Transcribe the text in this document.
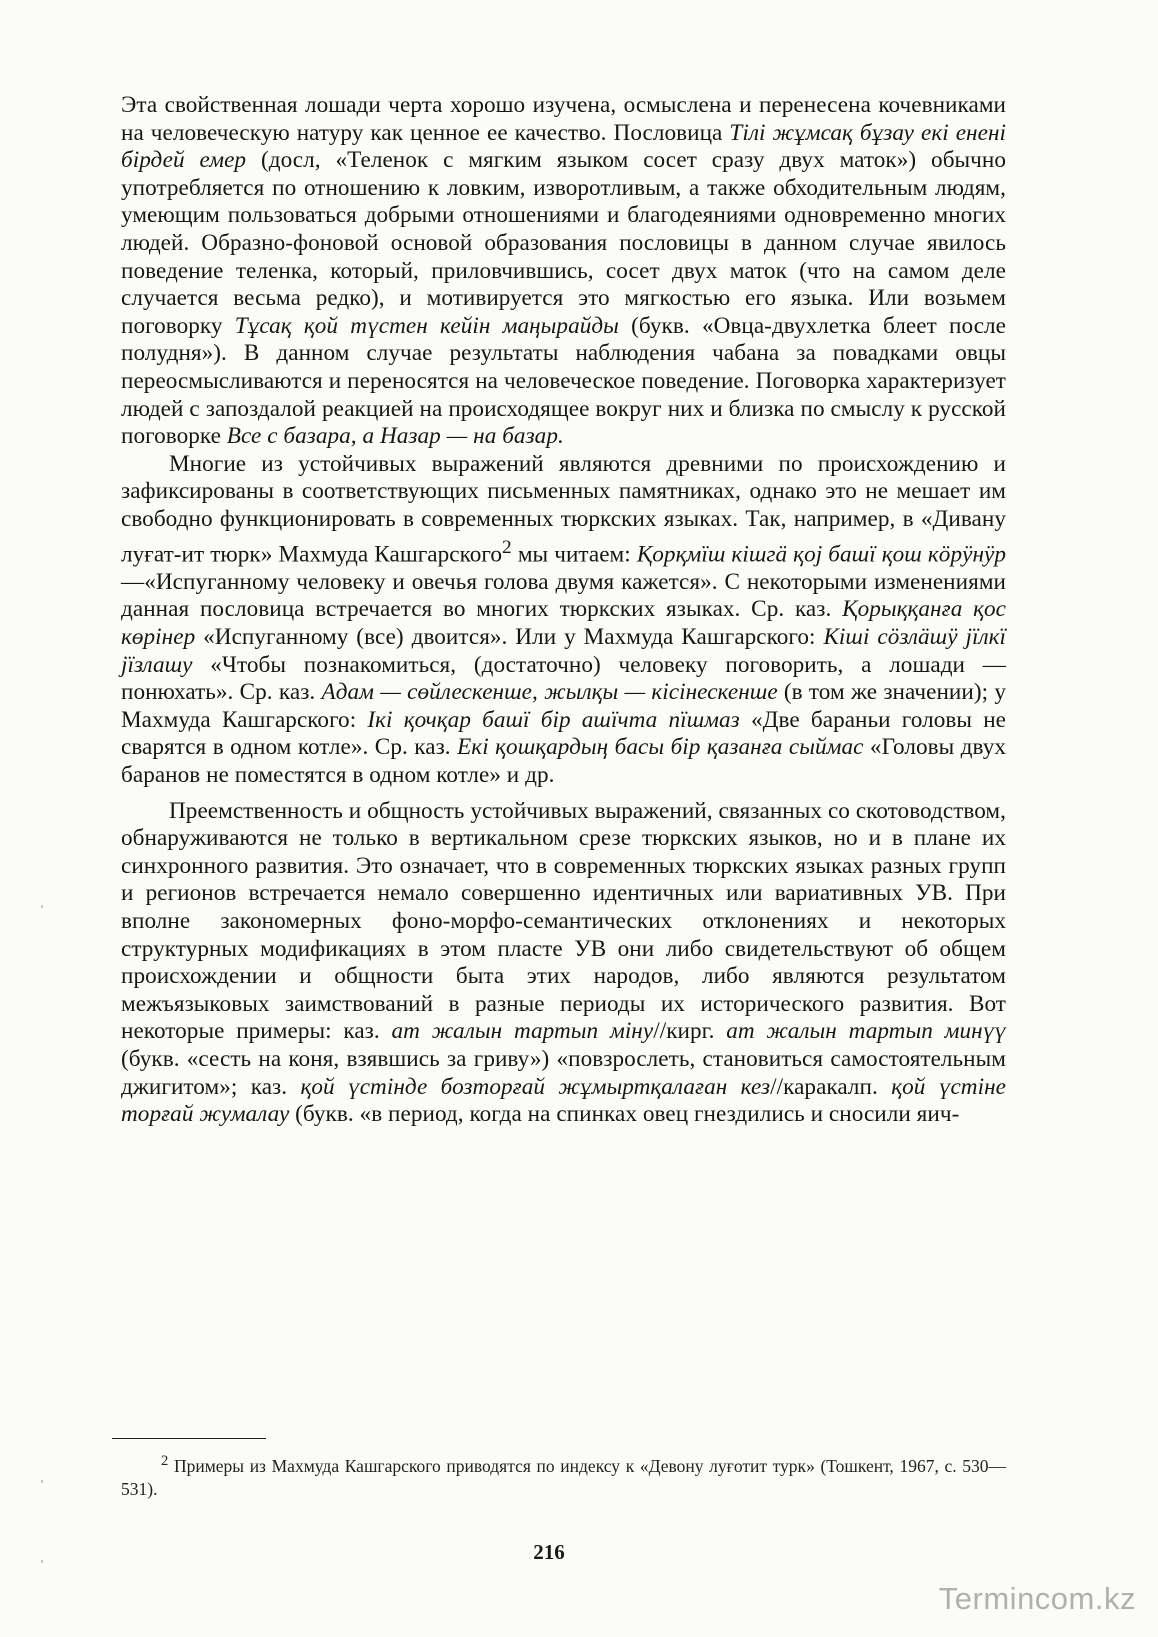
Эта свойственная лошади черта хорошо изучена, осмыслена и перенесена кочевниками на человеческую натуру как ценное ее качество. Пословица Тілі жұмсақ бұзау екі енені бірдей емер (досл, «Теленок с мягким языком сосет сразу двух маток») обычно употребляется по отношению к ловким, изворотливым, а также обходительным людям, умеющим пользоваться добрыми отношениями и благодеяниями одновременно многих людей. Образно-фоновой основой образования пословицы в данном случае явилось поведение теленка, который, приловчившись, сосет двух маток (что на самом деле случается весьма редко), и мотивируется это мягкостью его языка. Или возьмем поговорку Тұсақ қой түстен кейін маңырайды (букв. «Овца-двухлетка блеет после полудня»). В данном случае результаты наблюдения чабана за повадками овцы переосмысливаются и переносятся на человеческое поведение. Поговорка характеризует людей с запоздалой реакцией на происходящее вокруг них и близка по смыслу к русской поговорке Все с базара, а Назар — на базар.

Многие из устойчивых выражений являются древними по происхождению и зафиксированы в соответствующих письменных памятниках, однако это не мешает им свободно функционировать в современных тюркских языках. Так, например, в «Дивану луғат-ит тюрк» Махмуда Кашгарского$^2$ мы читаем: Қорқмïш кішгä қој башï қош кöрÿнÿр —«Испуганному человеку и овечья голова двумя кажется». С некоторыми изменениями данная пословица встречается во многих тюркских языках. Ср. каз. Қорыққанға қос көрінер «Испуганному (все) двоится». Или у Махмуда Кашгарского: Кіші сöзлäшÿ јïлкï јïзлашу «Чтобы познакомиться, (достаточно) человеку поговорить, а лошади — понюхать». Ср. каз. Адам — сөйлескенше, жылқы — кісінескенше (в том же значении); у Махмуда Кашгарского: Ікі қочқар башï бір ашïчта пïшмаз «Две бараньи головы не сварятся в одном котле». Ср. каз. Екі қошқардың басы бір қазанға сыймас «Головы двух баранов не поместятся в одном котле» и др.

Преемственность и общность устойчивых выражений, связанных со скотоводством, обнаруживаются не только в вертикальном срезе тюркских языков, но и в плане их синхронного развития. Это означает, что в современных тюркских языках разных групп и регионов встречается немало совершенно идентичных или вариативных УВ. При вполне закономерных фоно-морфо-семантических отклонениях и некоторых структурных модификациях в этом пласте УВ они либо свидетельствуют об общем происхождении и общности быта этих народов, либо являются результатом межъязыковых заимствований в разные периоды их исторического развития. Вот некоторые примеры: каз. ат жалын тартып міну//кирг. ат жалын тартып минүү (букв. «сесть на коня, взявшись за гриву») «повзрослеть, становиться самостоятельным джигитом»; каз. қой үстінде бозторғай жұмыртқалаған кез//каракалп. қой үстіне торғай жумалау (букв. «в период, когда на спинках овец гнездились и сносили яич-

$^2$ Примеры из Махмуда Кашгарского приводятся по индексу к «Девону луғотит турк» (Тошкент, 1967, с. 530—531).
216
Termincom.kz
